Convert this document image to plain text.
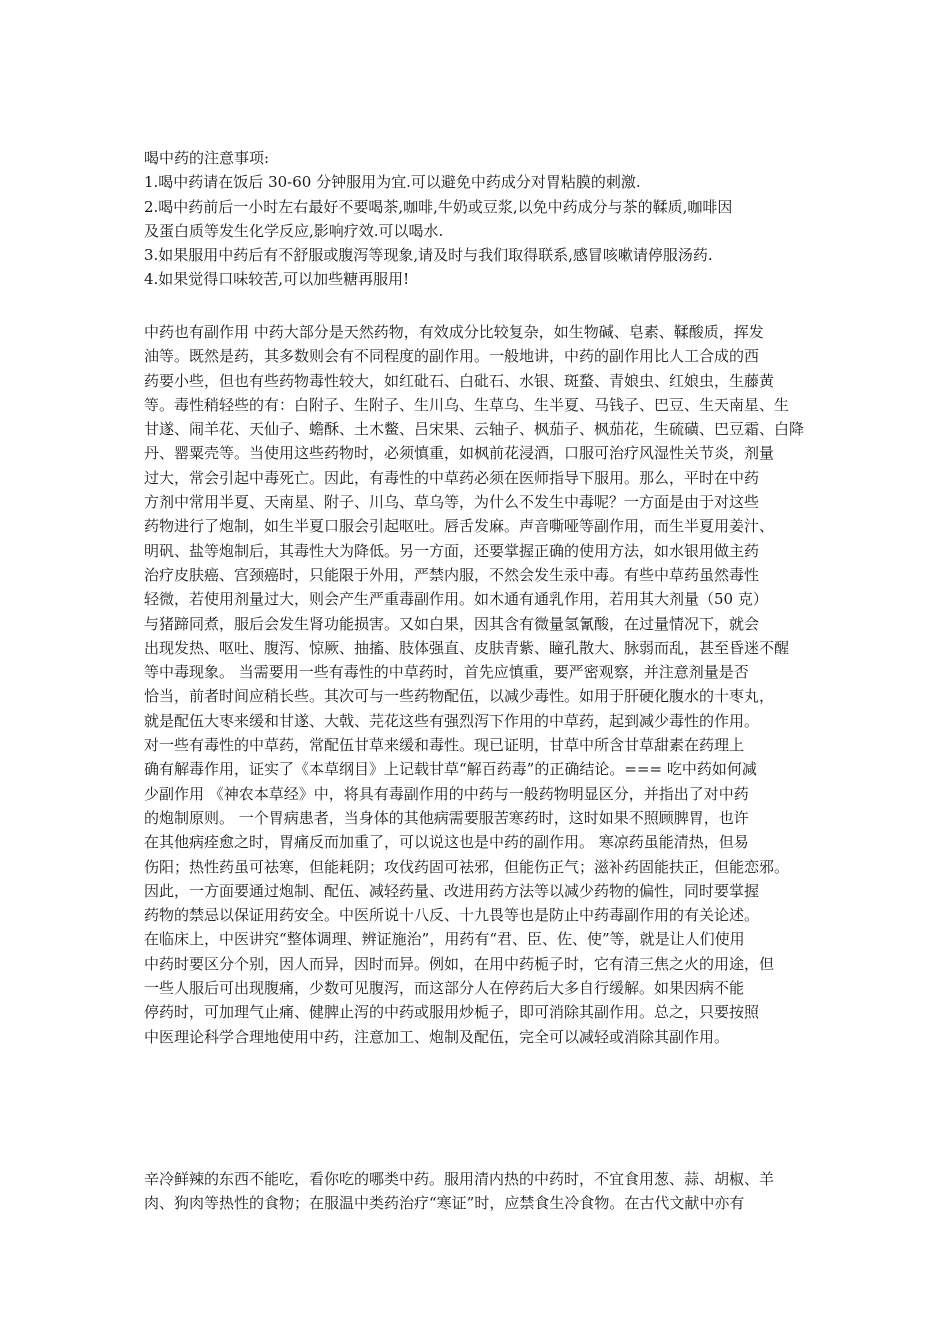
喝中药的注意事项:
1.喝中药请在饭后 30-60 分钟服用为宜.可以避免中药成分对胃粘膜的刺激.
2.喝中药前后一小时左右最好不要喝茶,咖啡,牛奶或豆浆,以免中药成分与茶的鞣质,咖啡因
及蛋白质等发生化学反应,影响疗效.可以喝水.
3.如果服用中药后有不舒服或腹泻等现象,请及时与我们取得联系,感冒咳嗽请停服汤药.
4.如果觉得口味较苦,可以加些糖再服用!
中药也有副作用 中药大部分是天然药物，有效成分比较复杂，如生物碱、皂素、鞣酸质，挥发
油等。既然是药，其多数则会有不同程度的副作用。一般地讲，中药的副作用比人工合成的西
药要小些，但也有些药物毒性较大，如红砒石、白砒石、水银、斑蝥、青娘虫、红娘虫，生藤黄
等。毒性稍轻些的有：白附子、生附子、生川乌、生草乌、生半夏、马钱子、巴豆、生天南星、生
甘遂、闹羊花、天仙子、蟾酥、土木鳖、吕宋果、云轴子、枫茄子、枫茄花，生硫磺、巴豆霜、白降
丹、罂粟壳等。当使用这些药物时，必须慎重，如枫前花浸酒，口服可治疗风湿性关节炎，剂量
过大，常会引起中毒死亡。因此，有毒性的中草药必须在医师指导下服用。那么，平时在中药
方剂中常用半夏、天南星、附子、川乌、草乌等，为什么不发生中毒呢？一方面是由于对这些
药物进行了炮制，如生半夏口服会引起呕吐。唇舌发麻。声音嘶哑等副作用，而生半夏用姜汁、
明矾、盐等炮制后，其毒性大为降低。另一方面，还要掌握正确的使用方法，如水银用做主药
治疗皮肤癌、宫颈癌时，只能限于外用，严禁内服，不然会发生汞中毒。有些中草药虽然毒性
轻微，若使用剂量过大，则会产生严重毒副作用。如木通有通乳作用，若用其大剂量（50 克）
与猪蹄同煮，服后会发生肾功能损害。又如白果，因其含有微量氢氰酸，在过量情况下，就会
出现发热、呕吐、腹泻、惊厥、抽搐、肢体强直、皮肤青紫、瞳孔散大、脉弱而乱，甚至昏迷不醒
等中毒现象。 当需要用一些有毒性的中草药时，首先应慎重，要严密观察，并注意剂量是否
恰当，前者时间应稍长些。其次可与一些药物配伍，以减少毒性。如用于肝硬化腹水的十枣丸，
就是配伍大枣来缓和甘遂、大戟、芫花这些有强烈泻下作用的中草药，起到减少毒性的作用。
对一些有毒性的中草药，常配伍甘草来缓和毒性。现已证明，甘草中所含甘草甜素在药理上
确有解毒作用，证实了《本草纲目》上记载甘草“解百药毒”的正确结论。=== 吃中药如何减
少副作用 《神农本草经》中，将具有毒副作用的中药与一般药物明显区分，并指出了对中药
的炮制原则。 一个胃病患者，当身体的其他病需要服苦寒药时，这时如果不照顾脾胃，也许
在其他病痊愈之时，胃痛反而加重了，可以说这也是中药的副作用。 寒凉药虽能清热，但易
伤阳；热性药虽可祛寒，但能耗阴；攻伐药固可祛邪，但能伤正气；滋补药固能扶正，但能恋邪。
因此，一方面要通过炮制、配伍、减轻药量、改进用药方法等以减少药物的偏性，同时要掌握
药物的禁忌以保证用药安全。中医所说十八反、十九畏等也是防止中药毒副作用的有关论述。
在临床上，中医讲究“整体调理、辨证施治”，用药有“君、臣、佐、使”等，就是让人们使用
中药时要区分个别，因人而异，因时而异。例如，在用中药栀子时，它有清三焦之火的用途，但
一些人服后可出现腹痛，少数可见腹泻，而这部分人在停药后大多自行缓解。如果因病不能
停药时，可加理气止痛、健脾止泻的中药或服用炒栀子，即可消除其副作用。总之，只要按照
中医理论科学合理地使用中药，注意加工、炮制及配伍，完全可以减轻或消除其副作用。
辛冷鲜辣的东西不能吃，看你吃的哪类中药。服用清内热的中药时，不宜食用葱、蒜、胡椒、羊
肉、狗肉等热性的食物；在服温中类药治疗“寒证”时，应禁食生冷食物。在古代文献中亦有
